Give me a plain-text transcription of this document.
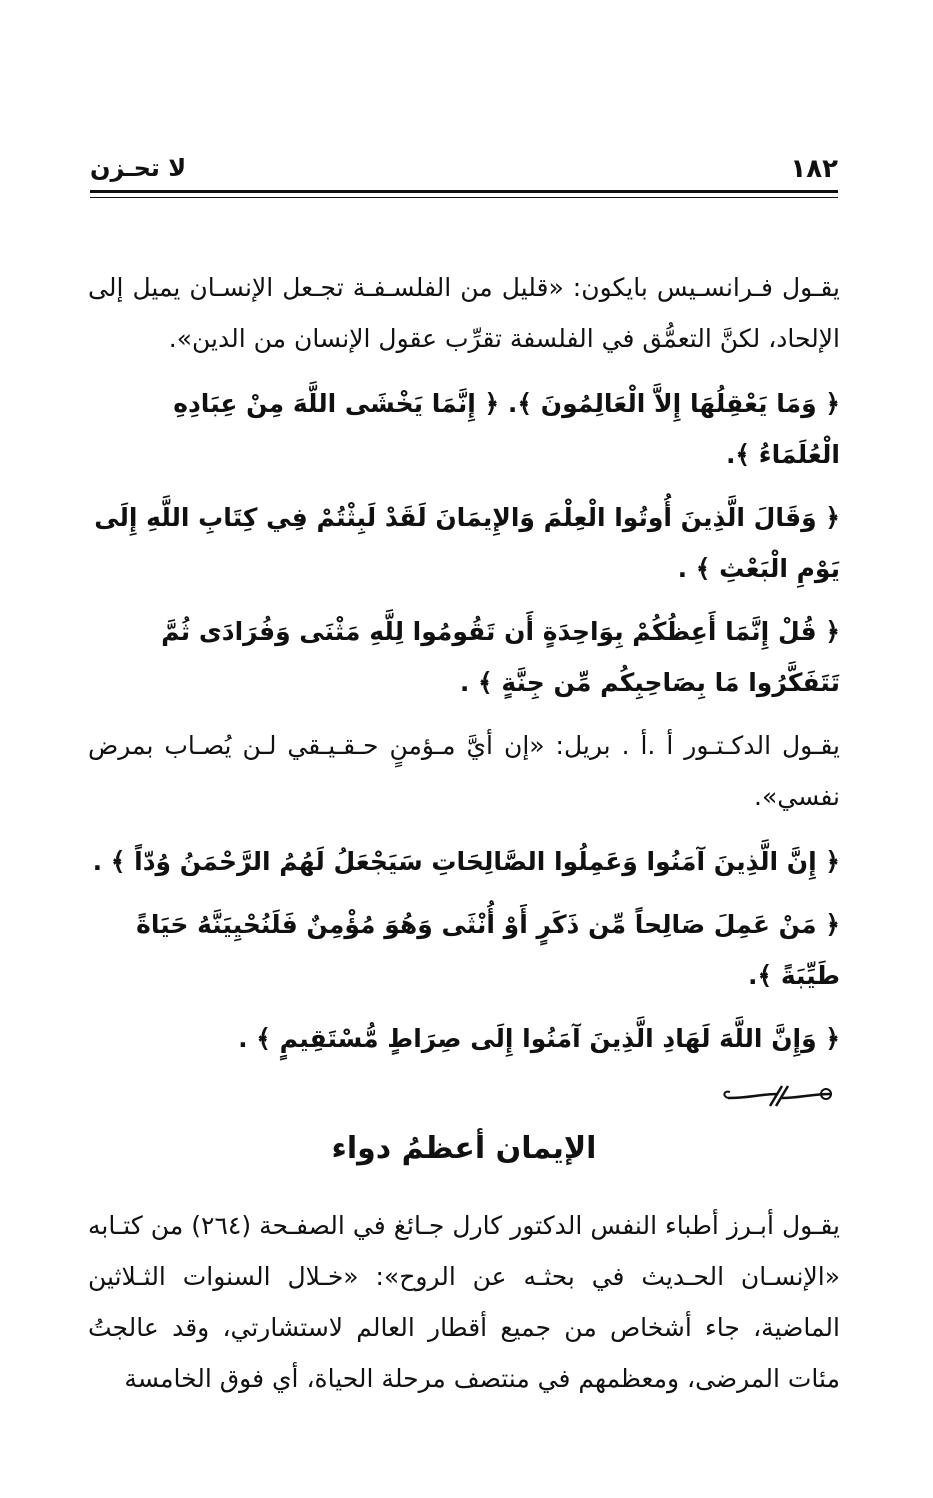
١٨٢
لا تحـزن

يقـول فـرانسـيس بايكون: «قليل من الفلسـفـة تجـعل الإنسـان يميل إلى الإلحاد، لكنَّ التعمُّق في الفلسفة تقرِّب عقول الإنسان من الدين».

﴿ وَمَا يَعْقِلُهَا إِلاَّ الْعَالِمُونَ ﴾. ﴿ إِنَّمَا يَخْشَى اللَّهَ مِنْ عِبَادِهِ الْعُلَمَاءُ ﴾.

﴿ وَقَالَ الَّذِينَ أُوتُوا الْعِلْمَ وَالإِيمَانَ لَقَدْ لَبِثْتُمْ فِي كِتَابِ اللَّهِ إِلَى يَوْمِ الْبَعْثِ ﴾ .

﴿ قُلْ إِنَّمَا أَعِظُكُمْ بِوَاحِدَةٍ أَن تَقُومُوا لِلَّهِ مَثْنَى وَفُرَادَى ثُمَّ تَتَفَكَّرُوا مَا بِصَاحِبِكُم مِّن جِنَّةٍ ﴾ .

يقـول الدكـتـور أ .أ . بريل: «إن أيَّ مـؤمنٍ حـقـيـقي لـن يُصـاب بمرض نفسي».

﴿ إِنَّ الَّذِينَ آمَنُوا وَعَمِلُوا الصَّالِحَاتِ سَيَجْعَلُ لَهُمُ الرَّحْمَنُ وُدّاً ﴾ .

﴿ مَنْ عَمِلَ صَالِحاً مِّن ذَكَرٍ أَوْ أُنْثَى وَهُوَ مُؤْمِنٌ فَلَنُحْيِيَنَّهُ حَيَاةً طَيِّبَةً ﴾.

﴿ وَإِنَّ اللَّهَ لَهَادِ الَّذِينَ آمَنُوا إِلَى صِرَاطٍ مُّسْتَقِيمٍ ﴾ .

الإيمان أعظمُ دواء

يقـول أبـرز أطباء النفس الدكتور كارل جـائغ في الصفـحة (٢٦٤) من كتـابه «الإنسـان الحـديث في بحثـه عن الروح»: «خـلال السنوات الثـلاثين الماضية، جاء أشخاص من جميع أقطار العالم لاستشارتي، وقد عالجتُ مئات المرضى، ومعظمهم في منتصف مرحلة الحياة، أي فوق الخامسة
